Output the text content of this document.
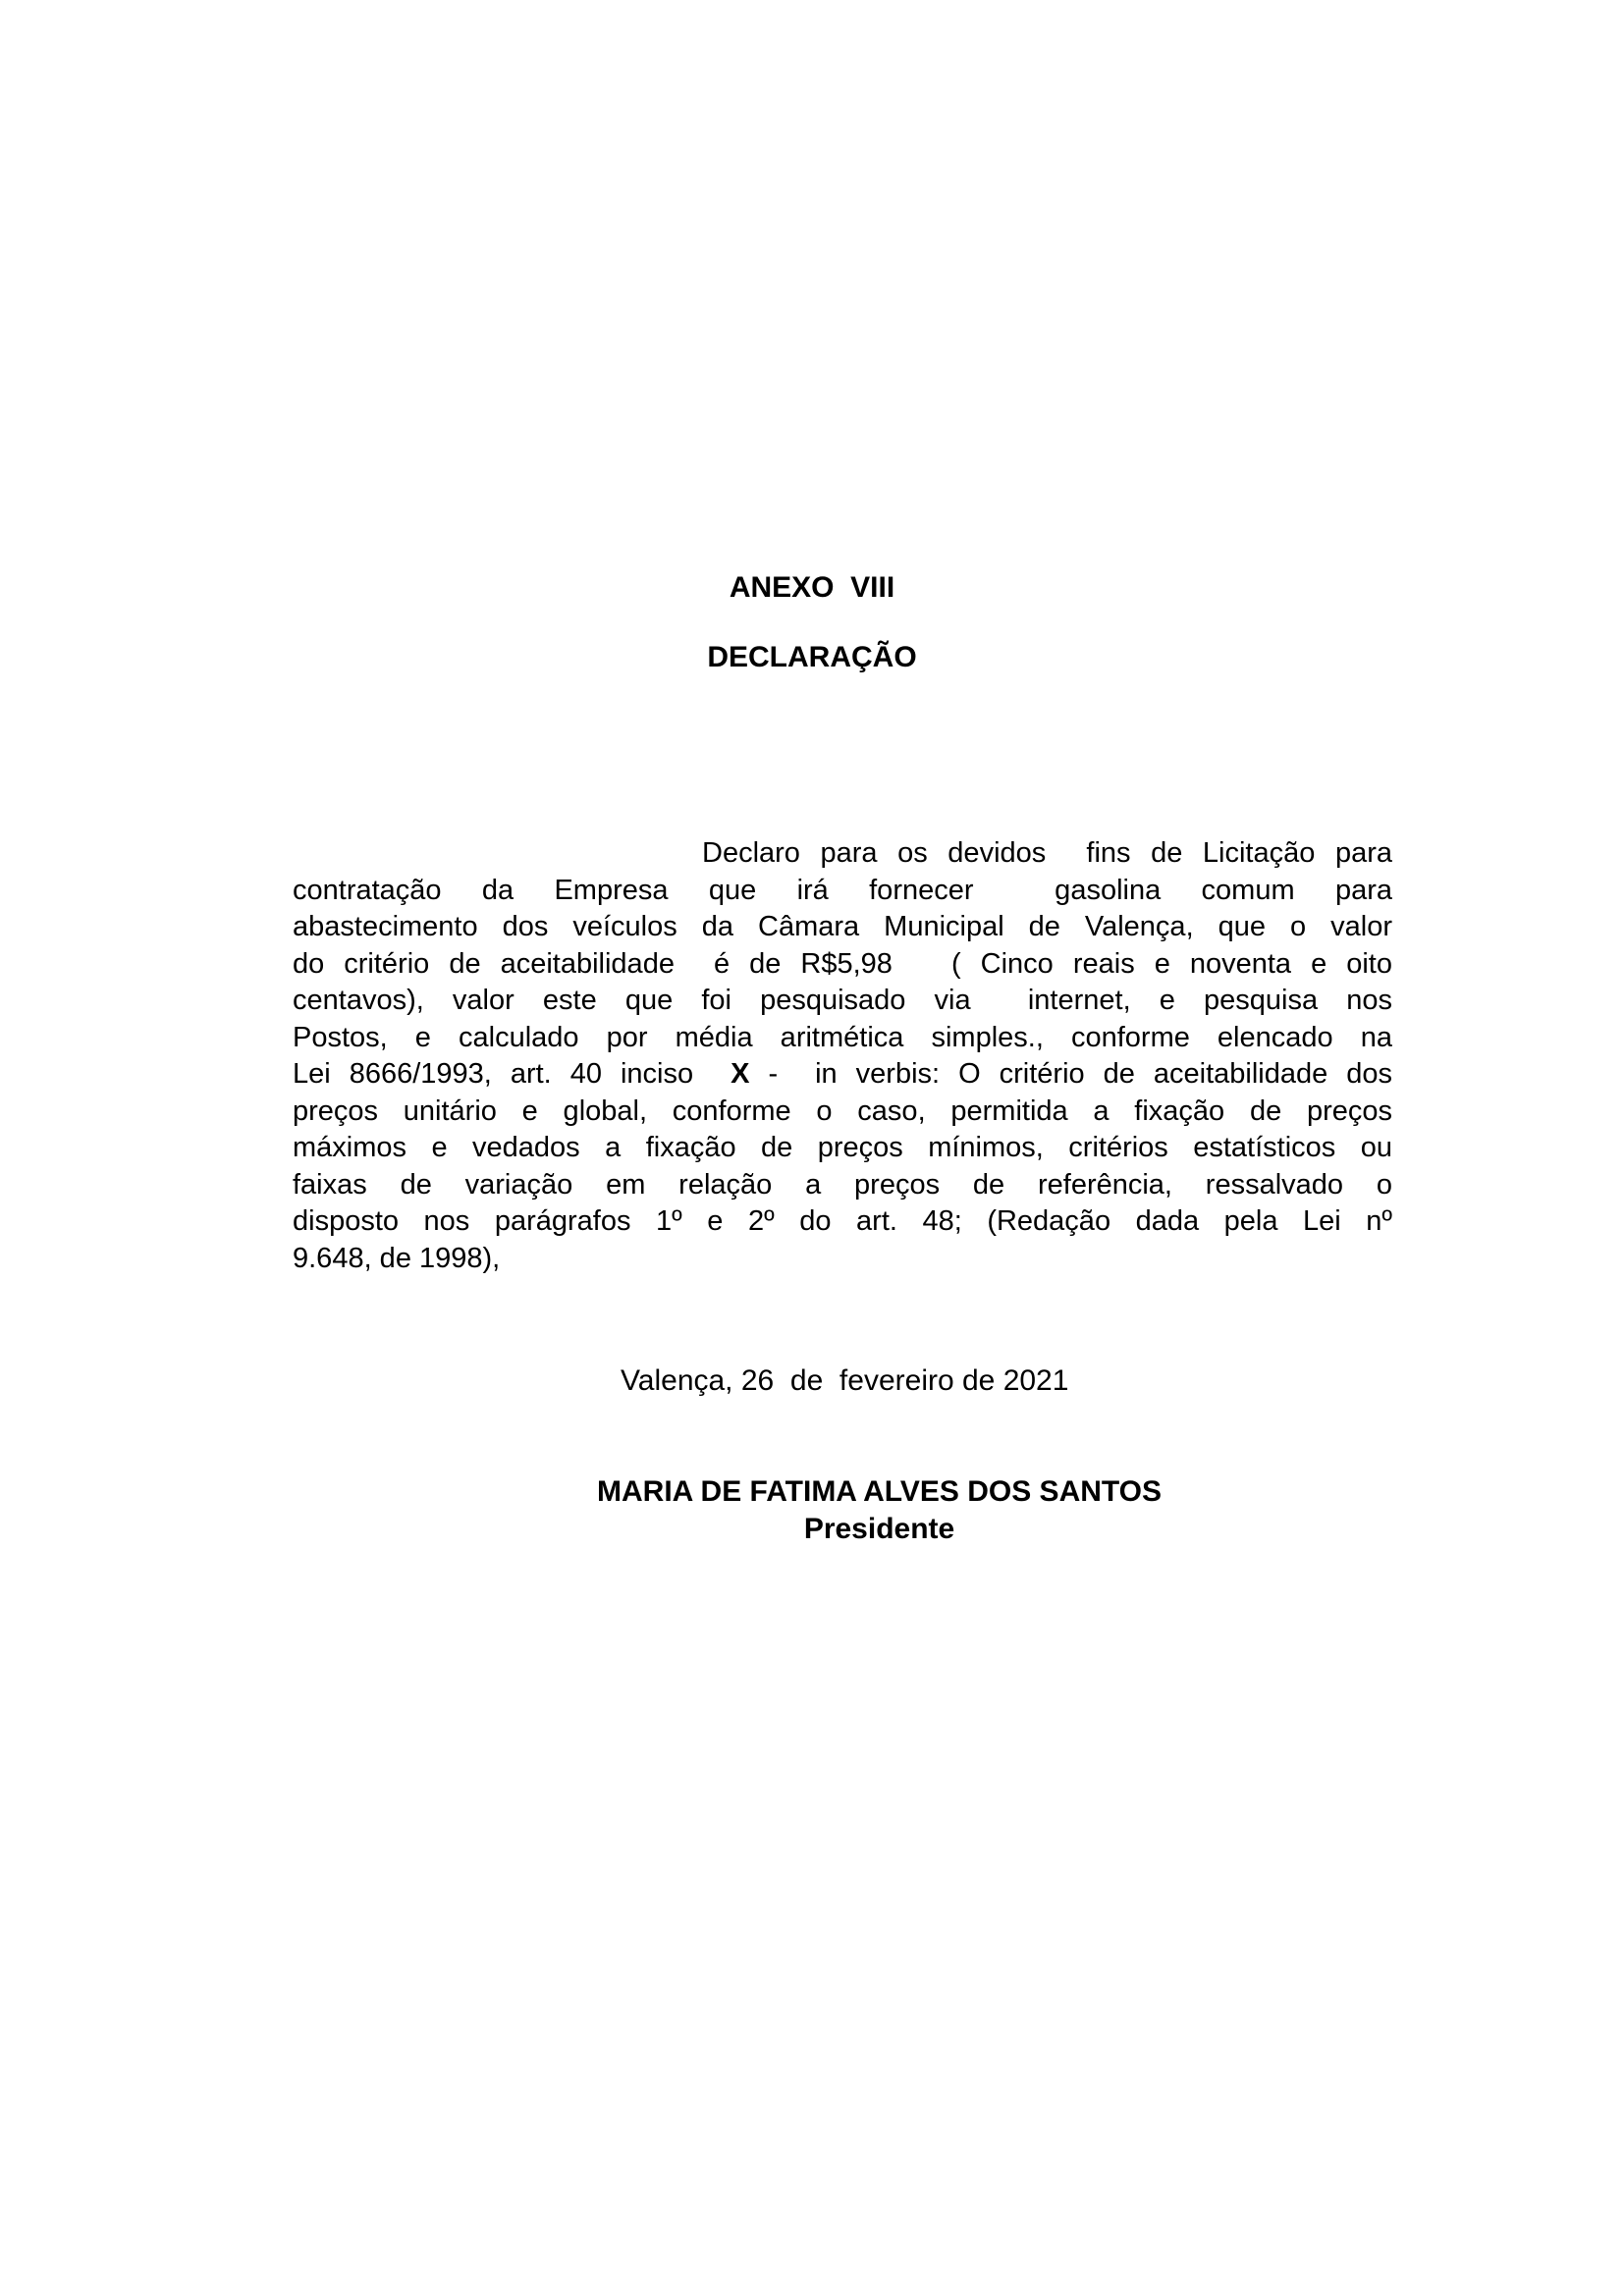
ANEXO  VIII
DECLARAÇÃO

Declaro para os devidos  fins de Licitação para

contratação da Empresa que irá fornecer  gasolina comum para

abastecimento dos veículos da Câmara Municipal de Valença, que o valor

do critério de aceitabilidade  é de R$5,98   ( Cinco reais e noventa e oito

centavos), valor este que foi pesquisado via  internet, e pesquisa nos

Postos, e calculado por média aritmética simples., conforme elencado na

Lei 8666/1993, art. 40 inciso  X -  in verbis: O critério de aceitabilidade dos

preços unitário e global, conforme o caso, permitida a fixação de preços

máximos e vedados a fixação de preços mínimos, critérios estatísticos ou

faixas de variação em relação a preços de referência, ressalvado o

disposto nos parágrafos 1º e 2º do art. 48; (Redação dada pela Lei nº

9.648, de 1998),

Valença, 26  de  fevereiro de 2021

MARIA DE FATIMA ALVES DOS SANTOS

Presidente
